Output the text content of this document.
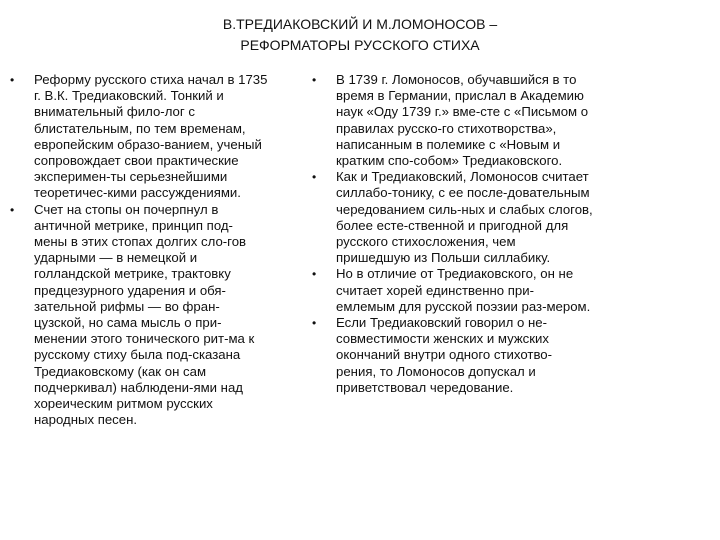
В.ТРЕДИАКОВСКИЙ И М.ЛОМОНОСОВ –
РЕФОРМАТОРЫ РУССКОГО СТИХА
• Реформу русского стиха начал в 1735
г. В.К. Тредиаковский. Тонкий и
внимательный фило-лог с
блистательным, по тем временам,
европейским образо-ванием, ученый
сопровождает свои практические
эксперимен-ты серьезнейшими
теоретичес-кими рассуждениями.
• Счет на стопы он почерпнул в
античной метрике, принцип под-
мены в этих стопах долгих сло-гов
ударными — в немецкой и
голландской метрике, трактовку
предцезурного ударения и обя-
зательной рифмы — во фран-
цузской, но сама мысль о при-
менении этого тонического рит-ма к
русскому стиху была под-сказана
Тредиаковскому (как он сам
подчеркивал) наблюдени-ями над
хореическим ритмом русских
народных песен.
• В 1739 г. Ломоносов, обучавшийся в то
время в Германии, прислал в Академию
наук «Оду 1739 г.» вме-сте с «Письмом о
правилах русско-го стихотворства»,
написанным в полемике с «Новым и
кратким спо-собом» Тредиаковского.
• Как и Тредиаковский, Ломоносов считает
силлабо-тонику, с ее после-довательным
чередованием силь-ных и слабых слогов,
более есте-ственной и пригодной для
русского стихосложения, чем
пришедшую из Польши силлабику.
• Но в отличие от Тредиаковского, он не
считает хорей единственно при-
емлемым для русской поэзии раз-мером.
• Если Тредиаковский говорил о не-
совместимости женских и мужских
окончаний внутри одного стихотво-
рения, то Ломоносов допускал и
приветствовал чередование.
